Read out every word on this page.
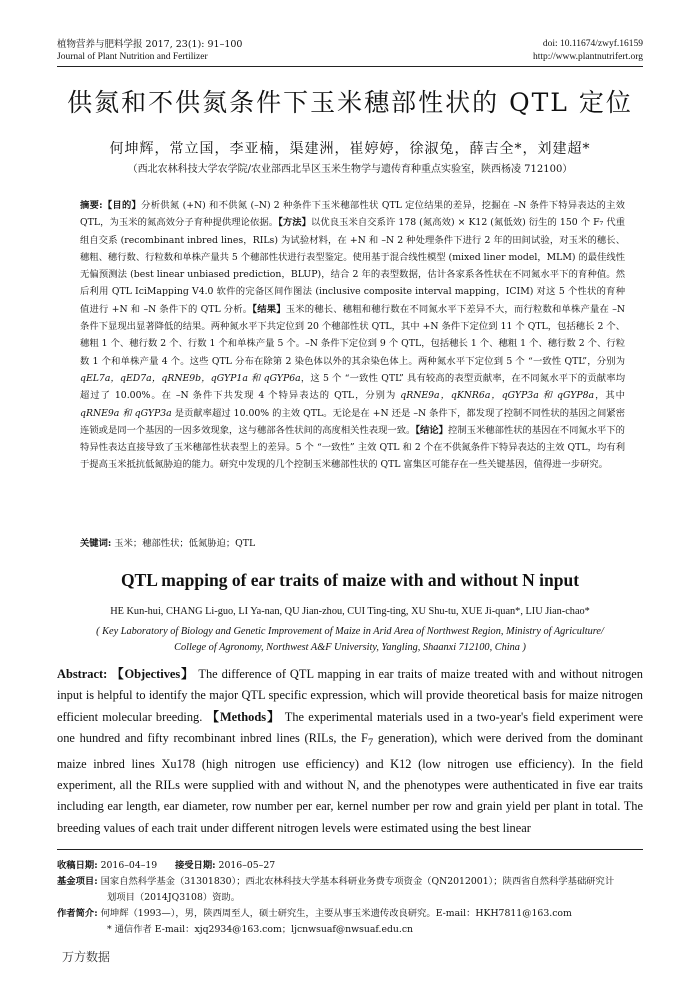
植物营养与肥料学报 2017, 23(1): 91–100
Journal of Plant Nutrition and Fertilizer
doi: 10.11674/zwyf.16159
http://www.plantnutrifert.org
供氮和不供氮条件下玉米穗部性状的 QTL 定位
何坤辉，常立国，李亚楠，渠建洲，崔婷婷，徐淑兔，薛吉全*，刘建超*
（西北农林科技大学农学院/农业部西北旱区玉米生物学与遗传育种重点实验室，陕西杨凌 712100）
摘要:【目的】分析供氮 (+N) 和不供氮 (–N) 2 种条件下玉米穗部性状 QTL 定位结果的差异，挖掘在 –N 条件下特异表达的主效 QTL，为玉米的氮高效分子育种提供理论依据。【方法】以优良玉米自交系许 178 (氮高效) × K12 (氮低效) 衍生的 150 个 F₇ 代重组自交系 (recombinant inbred lines，RILs) 为试验材料，在 +N 和 –N 2 种处理条件下进行 2 年的田间试验，对玉米的穗长、穗粗、穗行数、行粒数和单株产量共 5 个穗部性状进行表型鉴定。使用基于混合线性模型 (mixed liner model，MLM) 的最佳线性无偏预测法 (best linear unbiased prediction，BLUP)，结合 2 年的表型数据，估计各家系各性状在不同氮水平下的育种值。然后利用 QTL IciMapping V4.0 软件的完备区间作图法 (inclusive composite interval mapping，ICIM) 对这 5 个性状的育种值进行 +N 和 –N 条件下的 QTL 分析。【结果】玉米的穗长、穗粗和穗行数在不同氮水平下差异不大，而行粒数和单株产量在 –N 条件下显现出显著降低的结果。两种氮水平下共定位到 20 个穗部性状 QTL，其中 +N 条件下定位到 11 个 QTL，包括穗长 2 个、穗粗 1 个、穗行数 2 个、行数 1 个和单株产量 5 个。–N 条件下定位到 9 个 QTL，包括穗长 1 个、穗粗 1 个、穗行数 2 个、行粒数 1 个和单株产量 4 个。这些 QTL 分布在除第 2 染色体以外的其余染色体上。两种氮水平下定位到 5 个 “一致性 QTL”，分别为 qEL7a，qED7a，qRNE9b，qGYP1a 和 qGYP6a，这 5 个 “一致性 QTL” 具有较高的表型贡献率，在不同氮水平下的贡献率均超过了 10.00%。在 –N 条件下共发现 4 个特异表达的 QTL，分别为 qRNE9a，qKNR6a，qGYP3a 和 qGYP8a，其中 qRNE9a 和 qGYP3a 是贡献率超过 10.00% 的主效 QTL。无论是在 +N 还是 –N 条件下，都发现了控制不同性状的基因之间紧密连锁或是同一个基因的一因多效现象，这与穗部各性状间的高度相关性表现一致。【结论】控制玉米穗部性状的基因在不同氮水平下的特异性表达直接导致了玉米穗部性状表型上的差异。5 个 “一致性” 主效 QTL 和 2 个在不供氮条件下特异表达的主效 QTL，均有利于提高玉米抵抗低氮胁迫的能力。研究中发现的几个控制玉米穗部性状的 QTL 富集区可能存在一些关键基因，值得进一步研究。
关键词: 玉米；穗部性状；低氮胁迫；QTL
QTL mapping of ear traits of maize with and without N input
HE Kun-hui, CHANG Li-guo, LI Ya-nan, QU Jian-zhou, CUI Ting-ting, XU Shu-tu, XUE Ji-quan*, LIU Jian-chao*
( Key Laboratory of Biology and Genetic Improvement of Maize in Arid Area of Northwest Region, Ministry of Agriculture/
College of Agronomy, Northwest A&F University, Yangling, Shaanxi 712100, China )
Abstract: 【Objectives】 The difference of QTL mapping in ear traits of maize treated with and without nitrogen input is helpful to identify the major QTL specific expression, which will provide theoretical basis for maize nitrogen efficient molecular breeding. 【Methods】 The experimental materials used in a two-year's field experiment were one hundred and fifty recombinant inbred lines (RILs, the $F_7$ generation), which were derived from the dominant maize inbred lines Xu178 (high nitrogen use efficiency) and K12 (low nitrogen use efficiency). In the field experiment, all the RILs were supplied with and without N, and the phenotypes were authenticated in five ear traits including ear length, ear diameter, row number per ear, kernel number per row and grain yield per plant in total. The breeding values of each trait under different nitrogen levels were estimated using the best linear
收稿日期: 2016–04–19 接受日期: 2016–05–27
基金项目: 国家自然科学基金（31301830）；西北农林科技大学基本科研业务费专项资金（QN2012001）；陕西省自然科学基础研究计
划项目（2014JQ3108）资助。
作者简介: 何坤辉（1993—），男，陕西周至人，硕士研究生，主要从事玉米遗传改良研究。E-mail：HKH7811@163.com
* 通信作者 E-mail：xjq2934@163.com；ljcnwsuaf@nwsuaf.edu.cn
万方数据
